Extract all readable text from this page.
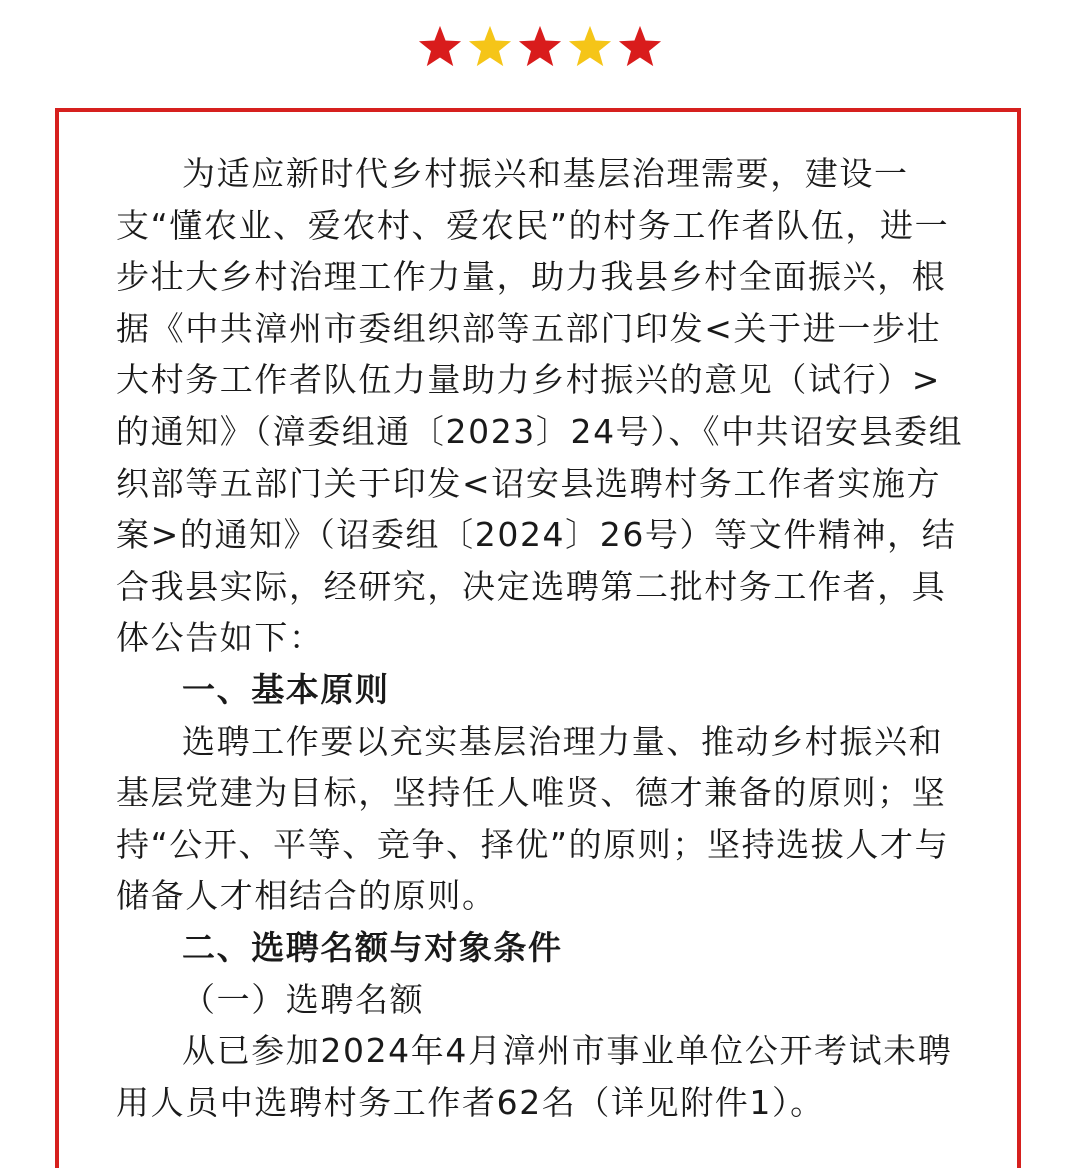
为适应新时代乡村振兴和基层治理需要，建设一支“懂农业、爱农村、爱农民”的村务工作者队伍，进一步壮大乡村治理工作力量，助力我县乡村全面振兴，根据《中共漳州市委组织部等五部门印发<关于进一步壮大村务工作者队伍力量助力乡村振兴的意见（试行）>的通知》（漳委组通〔2023〕24号）、《中共诏安县委组织部等五部门关于印发<诏安县选聘村务工作者实施方案>的通知》（诏委组〔2024〕26号）等文件精神，结合我县实际，经研究，决定选聘第二批村务工作者，具体公告如下：

一、基本原则

选聘工作要以充实基层治理力量、推动乡村振兴和基层党建为目标，坚持任人唯贤、德才兼备的原则；坚持“公开、平等、竞争、择优”的原则；坚持选拔人才与储备人才相结合的原则。

二、选聘名额与对象条件

（一）选聘名额

从已参加2024年4月漳州市事业单位公开考试未聘用人员中选聘村务工作者62名（详见附件1）。
